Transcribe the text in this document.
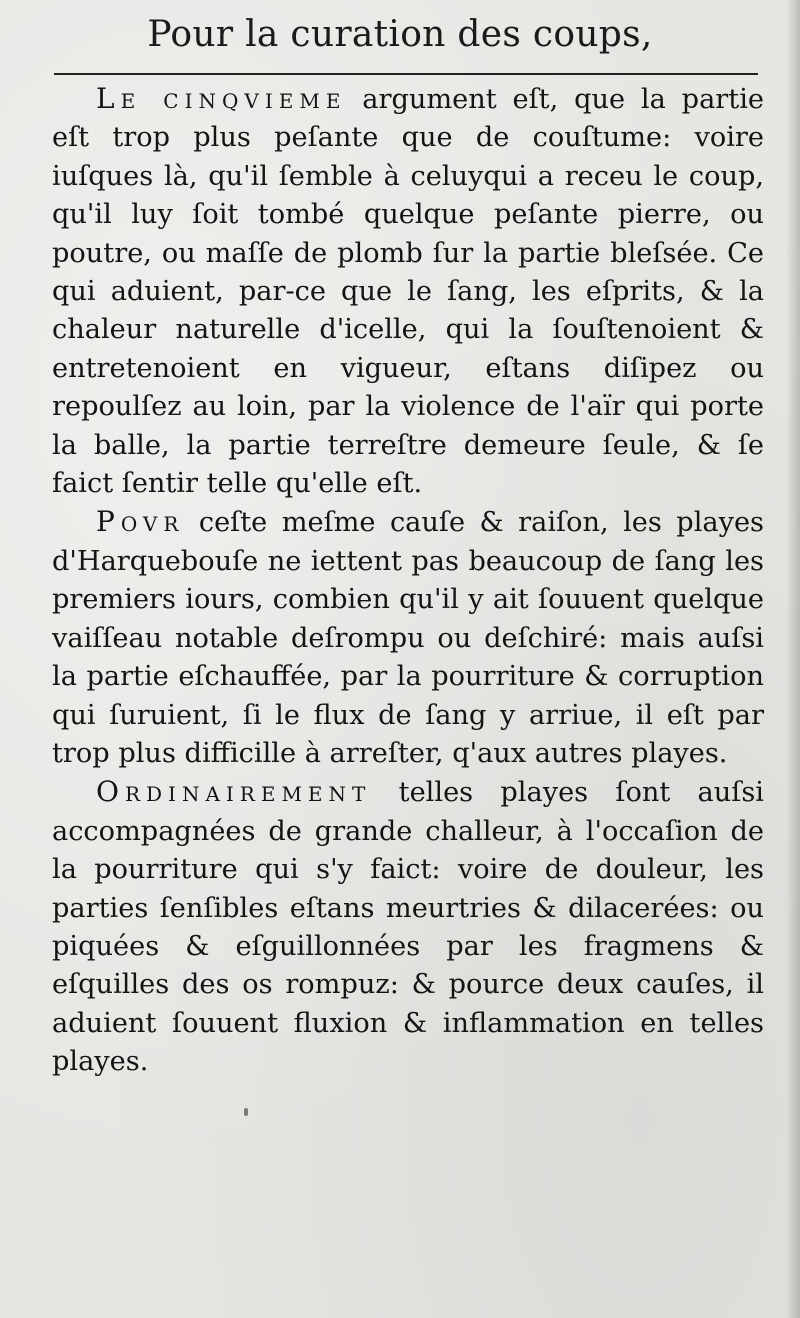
Pour la curation des coups,

Le cinqvieme argument eſt, que la partie eſt trop plus peſante que de couſtume: voire iuſques là, qu'il ſemble à celuyqui a receu le coup, qu'il luy ſoit tombé quelque peſante pierre, ou poutre, ou maſſe de plomb ſur la partie bleſsée. Ce qui aduient, par-ce que le ſang, les eſprits, & la chaleur naturelle d'icelle, qui la ſouſtenoient & entretenoient en vigueur, eſtans diſipez ou repoulſez au loin, par la violence de l'aïr qui porte la balle, la partie terreſtre demeure ſeule, & ſe faict ſentir telle qu'elle eſt.

Povr ceſte meſme cauſe & raiſon, les playes d'Harquebouſe ne iettent pas beaucoup de ſang les premiers iours, combien qu'il y ait ſouuent quelque vaiſſeau notable deſrompu ou deſchiré: mais auſsi la partie eſchauffée, par la pourriture & corruption qui ſuruient, ſi le flux de ſang y arriue, il eſt par trop plus difficille à arreſter, q'aux autres playes.

Ordinairement telles playes ſont auſsi accompagnées de grande challeur, à l'occaſion de la pourriture qui s'y faict: voire de douleur, les parties ſenſibles eſtans meurtries & dilacerées: ou piquées & eſguillonnées par les fragmens & eſquilles des os rompuz: & pource deux cauſes, il aduient ſouuent fluxion & inflammation en telles playes.
